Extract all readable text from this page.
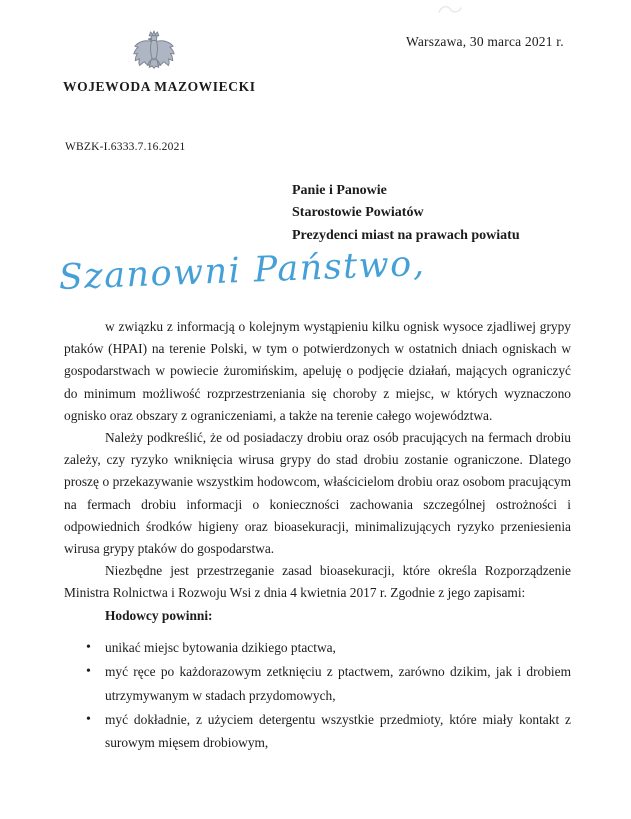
Warszawa, 30 marca 2021 r.
WOJEWODA MAZOWIECKI
WBZK-I.6333.7.16.2021
Panie i Panowie
Starostowie Powiatów
Prezydenci miast na prawach powiatu
Szanowni Państwo,

w związku z informacją o kolejnym wystąpieniu kilku ognisk wysoce zjadliwej grypy ptaków (HPAI) na terenie Polski, w tym o potwierdzonych w ostatnich dniach ogniskach w gospodarstwach w powiecie żuromińskim, apeluję o podjęcie działań, mających ograniczyć do minimum możliwość rozprzestrzeniania się choroby z miejsc, w których wyznaczono ognisko oraz obszary z ograniczeniami, a także na terenie całego województwa.

Należy podkreślić, że od posiadaczy drobiu oraz osób pracujących na fermach drobiu zależy, czy ryzyko wniknięcia wirusa grypy do stad drobiu zostanie ograniczone. Dlatego proszę o przekazywanie wszystkim hodowcom, właścicielom drobiu oraz osobom pracującym na fermach drobiu informacji o konieczności zachowania szczególnej ostrożności i odpowiednich środków higieny oraz bioasekuracji, minimalizujących ryzyko przeniesienia wirusa grypy ptaków do gospodarstwa.

Niezbędne jest przestrzeganie zasad bioasekuracji, które określa Rozporządzenie Ministra Rolnictwa i Rozwoju Wsi z dnia 4 kwietnia 2017 r. Zgodnie z jego zapisami:

Hodowcy powinni:

• unikać miejsc bytowania dzikiego ptactwa,
• myć ręce po każdorazowym zetknięciu z ptactwem, zarówno dzikim, jak i drobiem utrzymywanym w stadach przydomowych,
• myć dokładnie, z użyciem detergentu wszystkie przedmioty, które miały kontakt z surowym mięsem drobiowym,
